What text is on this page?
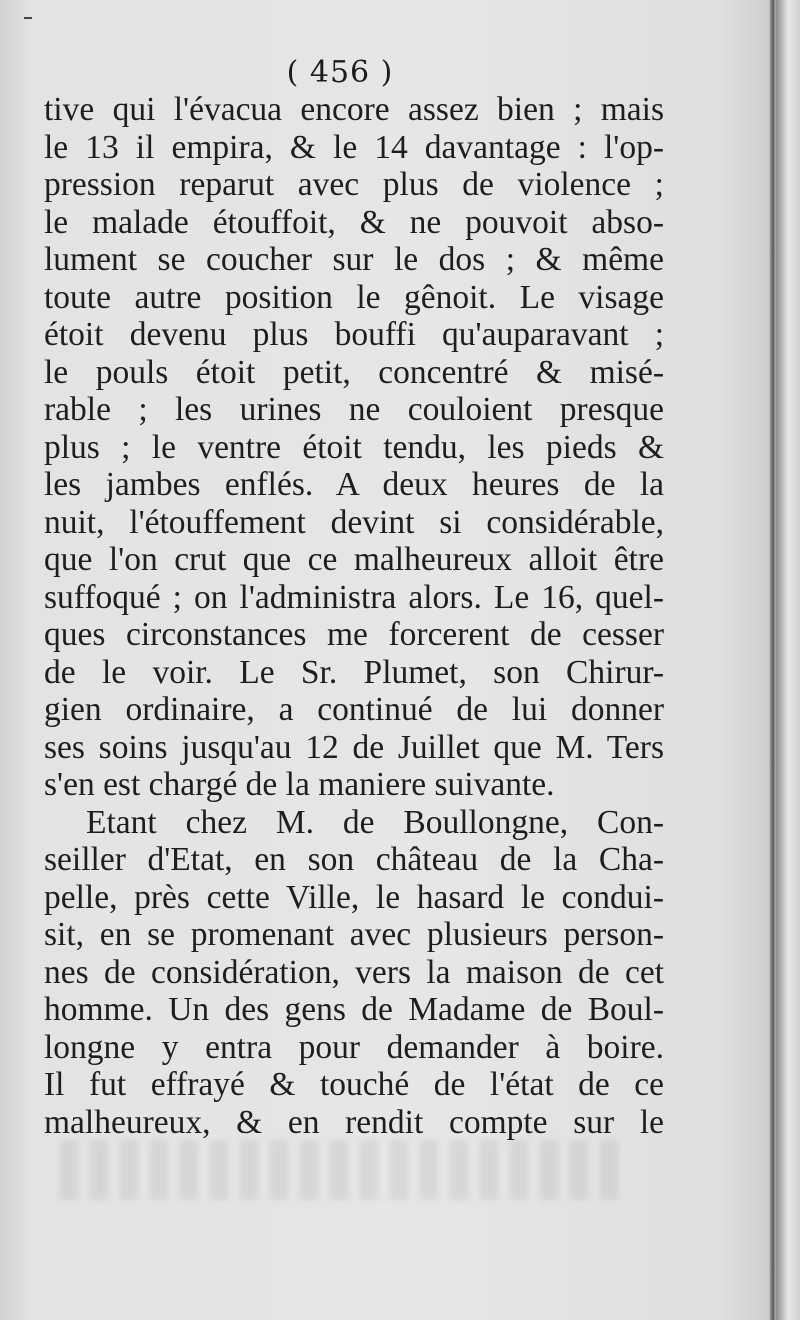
( 456 )
tive qui l'évacua encore assez bien ; mais
le 13 il empira, & le 14 davantage : l'op-
pression reparut avec plus de violence ;
le malade étouffoit, & ne pouvoit abso-
lument se coucher sur le dos ; & même
toute autre position le gênoit. Le visage
étoit devenu plus bouffi qu'auparavant ;
le pouls étoit petit, concentré & misé-
rable ; les urines ne couloient presque
plus ; le ventre étoit tendu, les pieds &
les jambes enflés. A deux heures de la
nuit, l'étouffement devint si considérable,
que l'on crut que ce malheureux alloit être
suffoqué ; on l'administra alors. Le 16, quel-
ques circonstances me forcerent de cesser
de le voir. Le Sr. Plumet, son Chirur-
gien ordinaire, a continué de lui donner
ses soins jusqu'au 12 de Juillet que M. Ters
s'en est chargé de la maniere suivante.
Etant chez M. de Boullongne, Con-
seiller d'Etat, en son château de la Cha-
pelle, près cette Ville, le hasard le condui-
sit, en se promenant avec plusieurs person-
nes de considération, vers la maison de cet
homme. Un des gens de Madame de Boul-
longne y entra pour demander à boire.
Il fut effrayé & touché de l'état de ce
malheureux, & en rendit compte sur le
